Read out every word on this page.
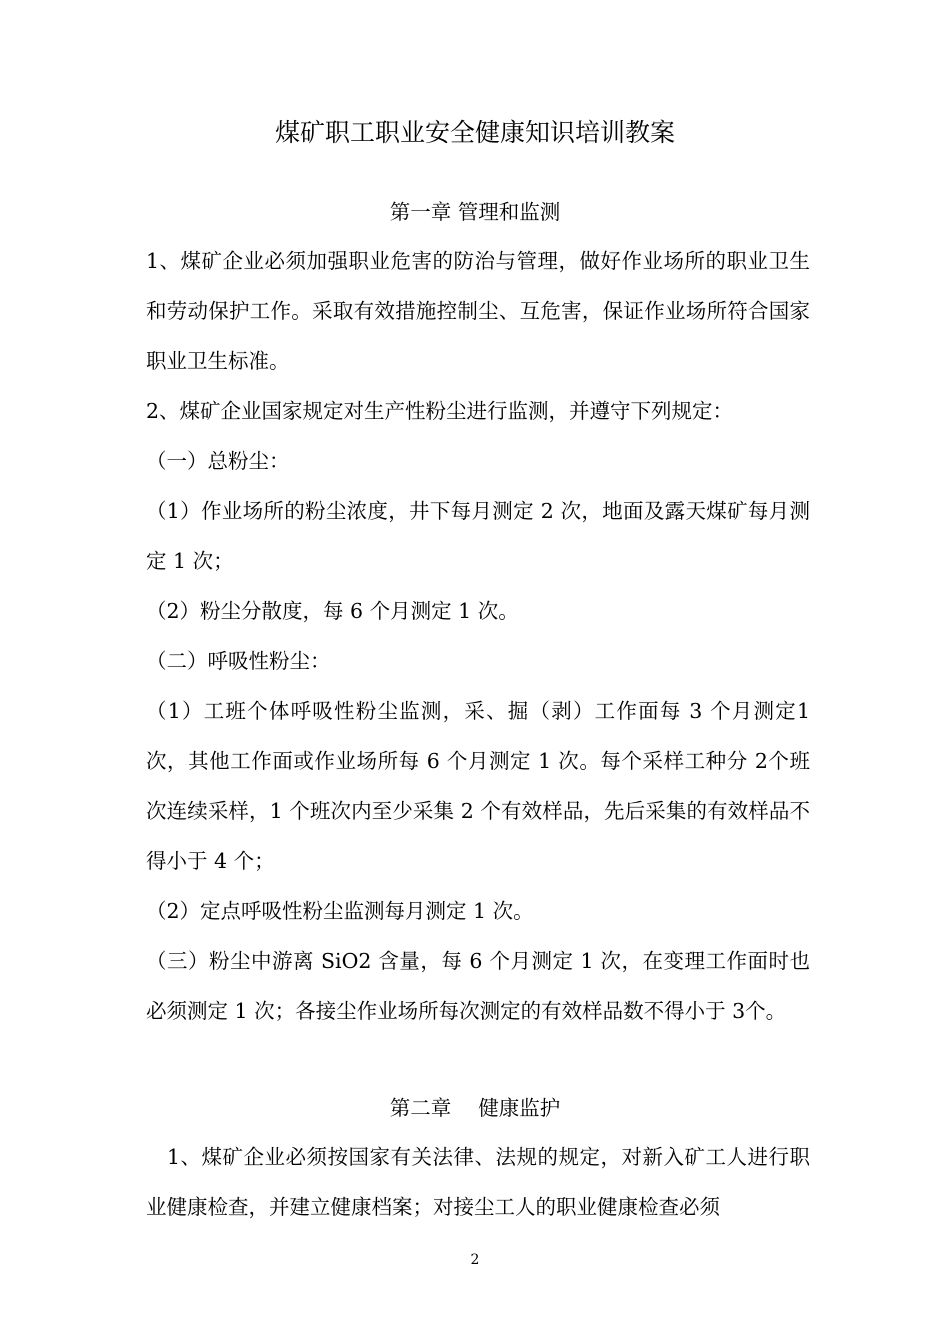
煤矿职工职业安全健康知识培训教案
第一章 管理和监测
1、煤矿企业必须加强职业危害的防治与管理，做好作业场所的职业卫生和劳动保护工作。采取有效措施控制尘、互危害，保证作业场所符合国家职业卫生标准。
2、煤矿企业国家规定对生产性粉尘进行监测，并遵守下列规定：
（一）总粉尘：
（1）作业场所的粉尘浓度，井下每月测定 2 次，地面及露天煤矿每月测定 1 次；
（2）粉尘分散度，每 6 个月测定 1 次。
（二）呼吸性粉尘：
（1）工班个体呼吸性粉尘监测，采、掘（剥）工作面每 3 个月测定1 次，其他工作面或作业场所每 6 个月测定 1 次。每个采样工种分 2个班次连续采样，1 个班次内至少采集 2 个有效样品，先后采集的有效样品不得小于 4 个；
（2）定点呼吸性粉尘监测每月测定 1 次。
（三）粉尘中游离 SiO2 含量，每 6 个月测定 1 次，在变理工作面时也必须测定 1 次；各接尘作业场所每次测定的有效样品数不得小于 3个。
第二章　 健康监护
　1、煤矿企业必须按国家有关法律、法规的规定，对新入矿工人进行职业健康检查，并建立健康档案；对接尘工人的职业健康检查必须
2
